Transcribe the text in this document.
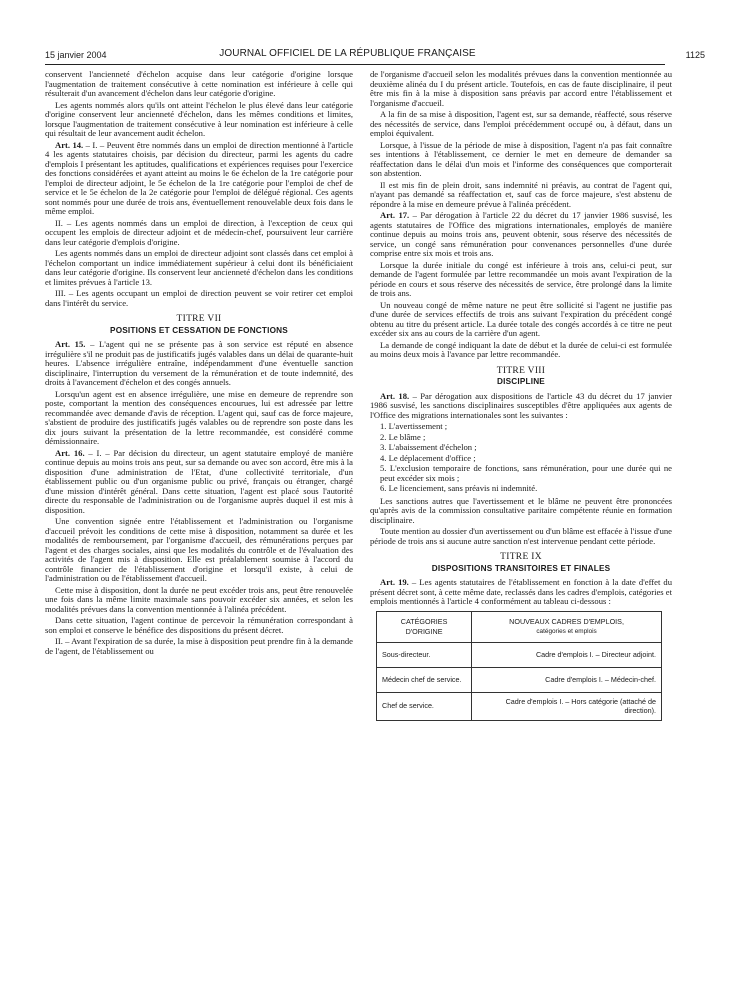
15 janvier 2004	JOURNAL OFFICIEL DE LA RÉPUBLIQUE FRANÇAISE	1125

conservent l'ancienneté d'échelon acquise dans leur catégorie d'origine lorsque l'augmentation de traitement consécutive à cette nomination est inférieure à celle qui résulterait d'un avancement d'échelon dans leur catégorie d'origine.

Les agents nommés alors qu'ils ont atteint l'échelon le plus élevé dans leur catégorie d'origine conservent leur ancienneté d'échelon, dans les mêmes conditions et limites, lorsque l'augmentation de traitement consécutive à leur nomination est inférieure à celle qui résultait de leur avancement audit échelon.

Art. 14. – I. – Peuvent être nommés dans un emploi de direction mentionné à l'article 4 les agents statutaires choisis, par décision du directeur, parmi les agents du cadre d'emplois I présentant les aptitudes, qualifications et expériences requises pour l'exercice des fonctions considérées et ayant atteint au moins le 6e échelon de la 1re catégorie pour l'emploi de directeur adjoint, le 5e échelon de la 1re catégorie pour l'emploi de chef de service et le 5e échelon de la 2e catégorie pour l'emploi de délégué régional. Ces agents sont nommés pour une durée de trois ans, éventuellement renouvelable deux fois dans le même emploi.

II. – Les agents nommés dans un emploi de direction, à l'exception de ceux qui occupent les emplois de directeur adjoint et de médecin-chef, poursuivent leur carrière dans leur catégorie d'emplois d'origine.

Les agents nommés dans un emploi de directeur adjoint sont classés dans cet emploi à l'échelon comportant un indice immédiatement supérieur à celui dont ils bénéficiaient dans leur catégorie d'origine. Ils conservent leur ancienneté d'échelon dans les conditions et limites prévues à l'article 13.

III. – Les agents occupant un emploi de direction peuvent se voir retirer cet emploi dans l'intérêt du service.

TITRE VII
POSITIONS ET CESSATION DE FONCTIONS

Art. 15. – L'agent qui ne se présente pas à son service est réputé en absence irrégulière s'il ne produit pas de justificatifs jugés valables dans un délai de quarante-huit heures. L'absence irrégulière entraîne, indépendamment d'une éventuelle sanction disciplinaire, l'interruption du versement de la rémunération et de toute indemnité, des droits à l'avancement d'échelon et des congés annuels.

Lorsqu'un agent est en absence irrégulière, une mise en demeure de reprendre son poste, comportant la mention des conséquences encourues, lui est adressée par lettre recommandée avec demande d'avis de réception. L'agent qui, sauf cas de force majeure, s'abstient de produire des justificatifs jugés valables ou de reprendre son poste dans les dix jours suivant la présentation de la lettre recommandée, est considéré comme démissionnaire.

Art. 16. – I. – Par décision du directeur, un agent statutaire employé de manière continue depuis au moins trois ans peut, sur sa demande ou avec son accord, être mis à la disposition d'une administration de l'Etat, d'une collectivité territoriale, d'un établissement public ou d'un organisme public ou privé, français ou étranger, chargé d'une mission d'intérêt général. Dans cette situation, l'agent est placé sous l'autorité directe du responsable de l'administration ou de l'organisme auprès duquel il est mis à disposition.

Une convention signée entre l'établissement et l'administration ou l'organisme d'accueil prévoit les conditions de cette mise à disposition, notamment sa durée et les modalités de remboursement, par l'organisme d'accueil, des rémunérations perçues par l'agent et des charges sociales, ainsi que les modalités du contrôle et de l'évaluation des activités de l'agent mis à disposition. Elle est préalablement soumise à l'accord du contrôle financier de l'établissement d'origine et lorsqu'il existe, à celui de l'administration ou de l'établissement d'accueil.

Cette mise à disposition, dont la durée ne peut excéder trois ans, peut être renouvelée une fois dans la même limite maximale sans pouvoir excéder six années, et selon les modalités prévues dans la convention mentionnée à l'alinéa précédent.

Dans cette situation, l'agent continue de percevoir la rémunération correspondant à son emploi et conserve le bénéfice des dispositions du présent décret.

II. – Avant l'expiration de sa durée, la mise à disposition peut prendre fin à la demande de l'agent, de l'établissement ou

de l'organisme d'accueil selon les modalités prévues dans la convention mentionnée au deuxième alinéa du I du présent article. Toutefois, en cas de faute disciplinaire, il peut être mis fin à la mise à disposition sans préavis par accord entre l'établissement et l'organisme d'accueil.

A la fin de sa mise à disposition, l'agent est, sur sa demande, réaffecté, sous réserve des nécessités de service, dans l'emploi précédemment occupé ou, à défaut, dans un emploi équivalent.

Lorsque, à l'issue de la période de mise à disposition, l'agent n'a pas fait connaître ses intentions à l'établissement, ce dernier le met en demeure de demander sa réaffectation dans le délai d'un mois et l'informe des conséquences que comporterait son abstention.

Il est mis fin de plein droit, sans indemnité ni préavis, au contrat de l'agent qui, n'ayant pas demandé sa réaffectation et, sauf cas de force majeure, s'est abstenu de répondre à la mise en demeure prévue à l'alinéa précédent.

Art. 17. – Par dérogation à l'article 22 du décret du 17 janvier 1986 susvisé, les agents statutaires de l'Office des migrations internationales, employés de manière continue depuis au moins trois ans, peuvent obtenir, sous réserve des nécessités de service, un congé sans rémunération pour convenances personnelles d'une durée comprise entre six mois et trois ans.

Lorsque la durée initiale du congé est inférieure à trois ans, celui-ci peut, sur demande de l'agent formulée par lettre recommandée un mois avant l'expiration de la période en cours et sous réserve des nécessités de service, être prolongé dans la limite de trois ans.

Un nouveau congé de même nature ne peut être sollicité si l'agent ne justifie pas d'une durée de services effectifs de trois ans suivant l'expiration du précédent congé obtenu au titre du présent article. La durée totale des congés accordés à ce titre ne peut excéder six ans au cours de la carrière d'un agent.

La demande de congé indiquant la date de début et la durée de celui-ci est formulée au moins deux mois à l'avance par lettre recommandée.

TITRE VIII
DISCIPLINE

Art. 18. – Par dérogation aux dispositions de l'article 43 du décret du 17 janvier 1986 susvisé, les sanctions disciplinaires susceptibles d'être appliquées aux agents de l'Office des migrations internationales sont les suivantes :

1. L'avertissement ;
2. Le blâme ;
3. L'abaissement d'échelon ;
4. Le déplacement d'office ;
5. L'exclusion temporaire de fonctions, sans rémunération, pour une durée qui ne peut excéder six mois ;
6. Le licenciement, sans préavis ni indemnité.

Les sanctions autres que l'avertissement et le blâme ne peuvent être prononcées qu'après avis de la commission consultative paritaire compétente réunie en formation disciplinaire.

Toute mention au dossier d'un avertissement ou d'un blâme est effacée à l'issue d'une période de trois ans si aucune autre sanction n'est intervenue pendant cette période.

TITRE IX
DISPOSITIONS TRANSITOIRES ET FINALES

Art. 19. – Les agents statutaires de l'établissement en fonction à la date d'effet du présent décret sont, à cette même date, reclassés dans les cadres d'emplois, catégories et emplois mentionnés à l'article 4 conformément au tableau ci-dessous :

CATÉGORIES D'ORIGINE	NOUVEAUX CADRES D'EMPLOIS,
catégories et emplois

Sous-directeur.	Cadre d'emplois I. – Directeur adjoint.
Médecin chef de service.	Cadre d'emplois I. – Médecin-chef.
Chef de service.	Cadre d'emplois I. – Hors catégorie (attaché de direction).
